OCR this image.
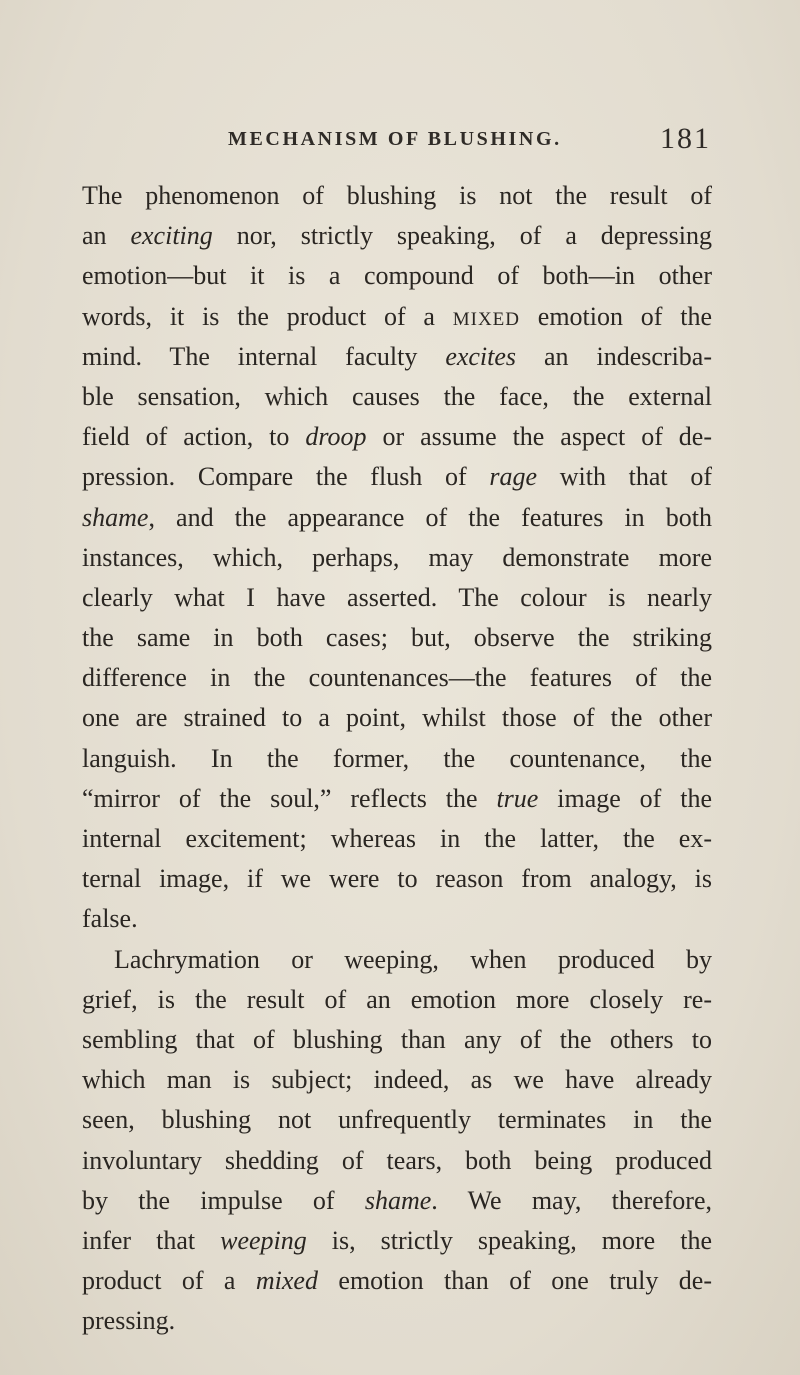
MECHANISM OF BLUSHING.	181
The phenomenon of blushing is not the result of
an exciting nor, strictly speaking, of a depressing
emotion—but it is a compound of both—in other
words, it is the product of a MIXED emotion of the
mind. The internal faculty excites an indescriba-
ble sensation, which causes the face, the external
field of action, to droop or assume the aspect of de-
pression. Compare the flush of rage with that of
shame, and the appearance of the features in both
instances, which, perhaps, may demonstrate more
clearly what I have asserted. The colour is nearly
the same in both cases; but, observe the striking
difference in the countenances—the features of the
one are strained to a point, whilst those of the other
languish. In the former, the countenance, the
“mirror of the soul,” reflects the true image of the
internal excitement; whereas in the latter, the ex-
ternal image, if we were to reason from analogy, is
false.
Lachrymation or weeping, when produced by
grief, is the result of an emotion more closely re-
sembling that of blushing than any of the others to
which man is subject; indeed, as we have already
seen, blushing not unfrequently terminates in the
involuntary shedding of tears, both being produced
by the impulse of shame. We may, therefore,
infer that weeping is, strictly speaking, more the
product of a mixed emotion than of one truly de-
pressing.
